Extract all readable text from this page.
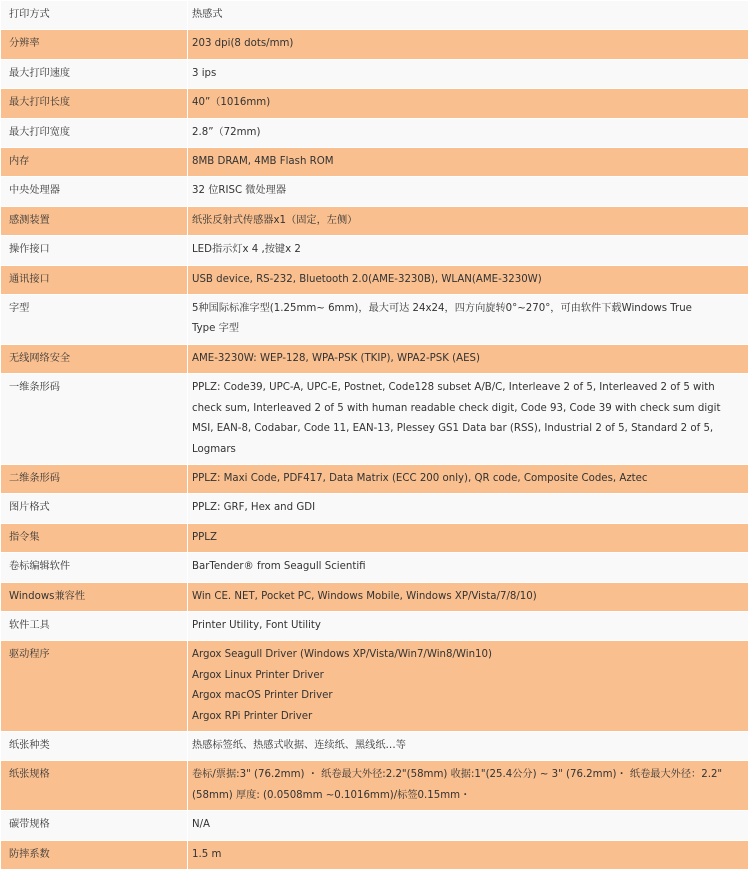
打印方式	热感式

分辨率	203 dpi(8 dots/mm)

最大打印速度	3 ips

最大打印长度	40”（1016mm)

最大打印宽度	2.8”（72mm)

内存	8MB DRAM, 4MB Flash ROM

中央处理器	32 位RISC 微处理器

感测装置	纸张反射式传感器x1（固定，左侧）

操作接口	LED指示灯x 4 ,按键x 2

通讯接口	USB device, RS-232, Bluetooth 2.0(AME-3230B), WLAN(AME-3230W)

字型	5种国际标准字型(1.25mm~ 6mm)，最大可达 24x24，四方向旋转0°~270°，可由软件下载Windows True
Type 字型

无线网络安全	AME-3230W: WEP-128, WPA-PSK (TKIP), WPA2-PSK (AES)

一维条形码	PPLZ: Code39, UPC-A, UPC-E, Postnet, Code128 subset A/B/C, Interleave 2 of 5, Interleaved 2 of 5 with
check sum, Interleaved 2 of 5 with human readable check digit, Code 93, Code 39 with check sum digit
MSI, EAN-8, Codabar, Code 11, EAN-13, Plessey GS1 Data bar (RSS), Industrial 2 of 5, Standard 2 of 5,
Logmars

二维条形码	PPLZ: Maxi Code, PDF417, Data Matrix (ECC 200 only), QR code, Composite Codes, Aztec

图片格式	PPLZ: GRF, Hex and GDI

指令集	PPLZ

卷标编辑软件	BarTender® from Seagull Scientifi

Windows兼容性	Win CE. NET, Pocket PC, Windows Mobile, Windows XP/Vista/7/8/10)

软件工具	Printer Utility, Font Utility

驱动程序	Argox Seagull Driver (Windows XP/Vista/Win7/Win8/Win10)
Argox Linux Printer Driver
Argox macOS Printer Driver
Argox RPi Printer Driver

纸张种类	热感标签纸、热感式收据、连续纸、黑线纸…等

纸张规格	卷标/票据:3" (76.2mm) ・ 纸卷最大外径:2.2"(58mm) 收据:1"(25.4公分) ~ 3" (76.2mm)・ 纸卷最大外径：2.2"
(58mm) 厚度: (0.0508mm ~0.1016mm)/标签0.15mm・

碳带规格	N/A

防摔系数	1.5 m
